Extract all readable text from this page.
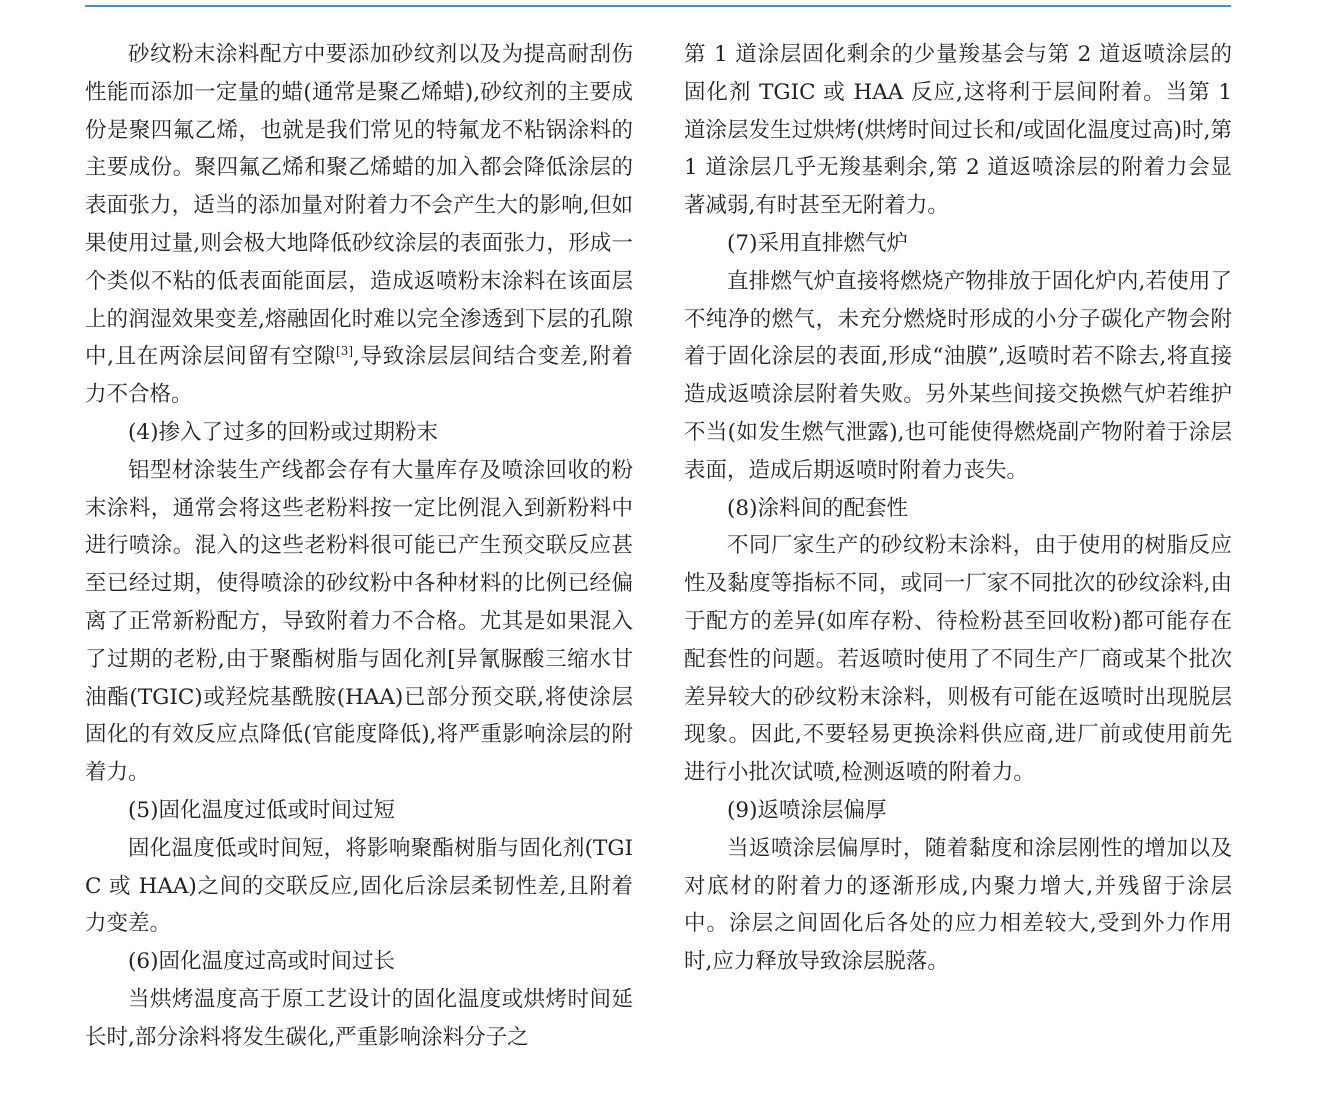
砂纹粉末涂料配方中要添加砂纹剂以及为提高耐刮伤性能而添加一定量的蜡(通常是聚乙烯蜡),砂纹剂的主要成份是聚四氟乙烯，也就是我们常见的特氟龙不粘锅涂料的主要成份。聚四氟乙烯和聚乙烯蜡的加入都会降低涂层的表面张力，适当的添加量对附着力不会产生大的影响,但如果使用过量,则会极大地降低砂纹涂层的表面张力，形成一个类似不粘的低表面能面层，造成返喷粉末涂料在该面层上的润湿效果变差,熔融固化时难以完全渗透到下层的孔隙中,且在两涂层间留有空隙[3],导致涂层层间结合变差,附着力不合格。

(4)掺入了过多的回粉或过期粉末

铝型材涂装生产线都会存有大量库存及喷涂回收的粉末涂料，通常会将这些老粉料按一定比例混入到新粉料中进行喷涂。混入的这些老粉料很可能已产生预交联反应甚至已经过期，使得喷涂的砂纹粉中各种材料的比例已经偏离了正常新粉配方，导致附着力不合格。尤其是如果混入了过期的老粉,由于聚酯树脂与固化剂[异氰脲酸三缩水甘油酯(TGIC)或羟烷基酰胺(HAA)已部分预交联,将使涂层固化的有效反应点降低(官能度降低),将严重影响涂层的附着力。

(5)固化温度过低或时间过短

固化温度低或时间短，将影响聚酯树脂与固化剂(TGIC 或 HAA)之间的交联反应,固化后涂层柔韧性差,且附着力变差。

(6)固化温度过高或时间过长

当烘烤温度高于原工艺设计的固化温度或烘烤时间延长时,部分涂料将发生碳化,严重影响涂料分子之

第 1 道涂层固化剩余的少量羧基会与第 2 道返喷涂层的固化剂 TGIC 或 HAA 反应,这将利于层间附着。当第 1 道涂层发生过烘烤(烘烤时间过长和/或固化温度过高)时,第 1 道涂层几乎无羧基剩余,第 2 道返喷涂层的附着力会显著减弱,有时甚至无附着力。

(7)采用直排燃气炉

直排燃气炉直接将燃烧产物排放于固化炉内,若使用了不纯净的燃气，未充分燃烧时形成的小分子碳化产物会附着于固化涂层的表面,形成“油膜”,返喷时若不除去,将直接造成返喷涂层附着失败。另外某些间接交换燃气炉若维护不当(如发生燃气泄露),也可能使得燃烧副产物附着于涂层表面，造成后期返喷时附着力丧失。

(8)涂料间的配套性

不同厂家生产的砂纹粉末涂料，由于使用的树脂反应性及黏度等指标不同，或同一厂家不同批次的砂纹涂料,由于配方的差异(如库存粉、待检粉甚至回收粉)都可能存在配套性的问题。若返喷时使用了不同生产厂商或某个批次差异较大的砂纹粉末涂料，则极有可能在返喷时出现脱层现象。因此,不要轻易更换涂料供应商,进厂前或使用前先进行小批次试喷,检测返喷的附着力。

(9)返喷涂层偏厚

当返喷涂层偏厚时，随着黏度和涂层刚性的增加以及对底材的附着力的逐渐形成,内聚力增大,并残留于涂层中。涂层之间固化后各处的应力相差较大,受到外力作用时,应力释放导致涂层脱落。
